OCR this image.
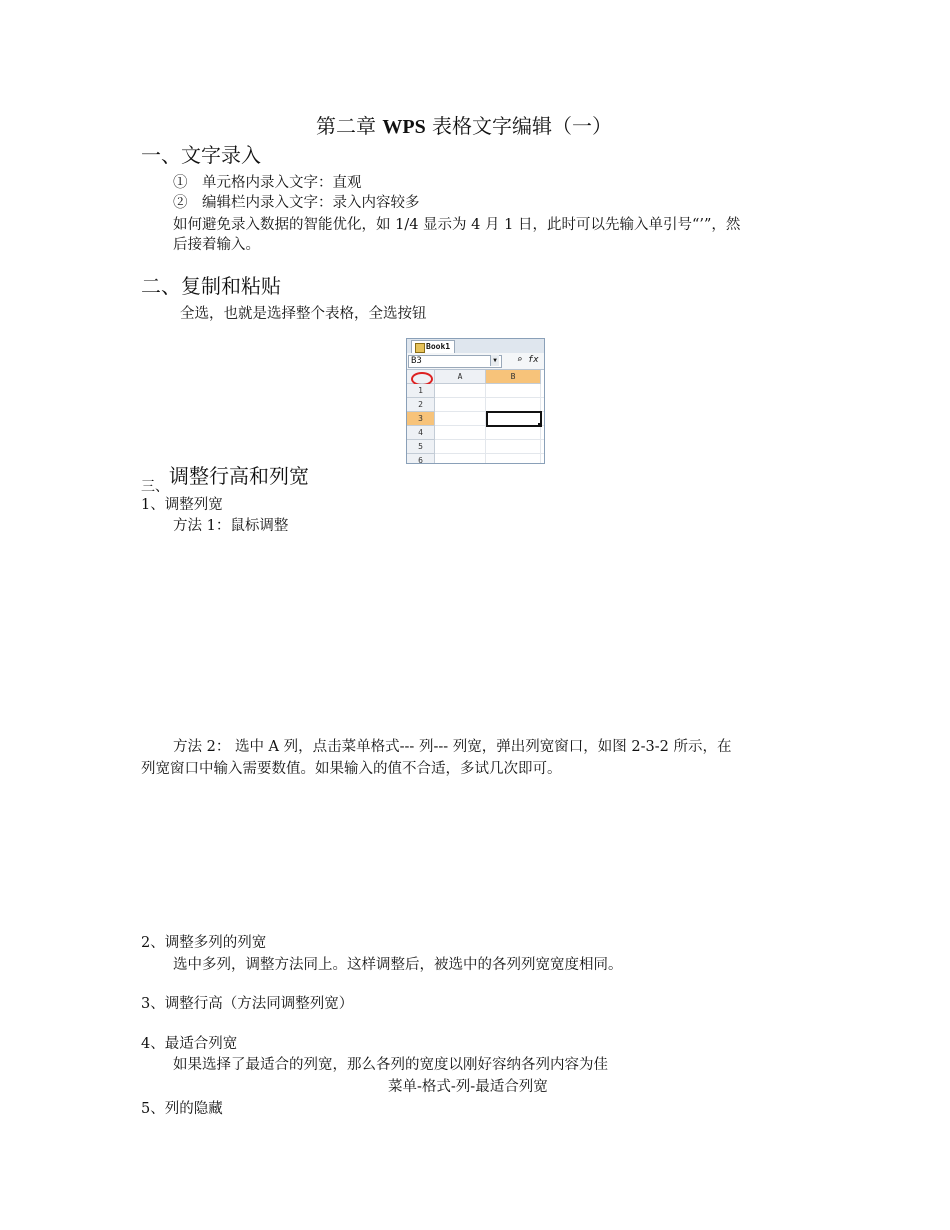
第二章 WPS 表格文字编辑（一）
一、文字录入
①　单元格内录入文字：直观
②　编辑栏内录入文字：录入内容较多
如何避免录入数据的智能优化，如 1/4 显示为 4 月 1 日，此时可以先输入单引号“’”，然
后接着输入。
二、复制和粘贴
全选，也就是选择整个表格，全选按钮
Book1
B3	▼ ⌕ fx
A	B
1
2
3
4
5
6
三、调整行高和列宽
1、调整列宽
方法 1：鼠标调整
方法 2： 选中 A 列，点击菜单格式--- 列--- 列宽，弹出列宽窗口，如图 2-3-2 所示，在
列宽窗口中输入需要数值。如果输入的值不合适，多试几次即可。
2、调整多列的列宽
选中多列，调整方法同上。这样调整后，被选中的各列列宽宽度相同。
3、调整行高（方法同调整列宽）
4、最适合列宽
如果选择了最适合的列宽，那么各列的宽度以刚好容纳各列内容为佳
菜单-格式-列-最适合列宽
5、列的隐藏
